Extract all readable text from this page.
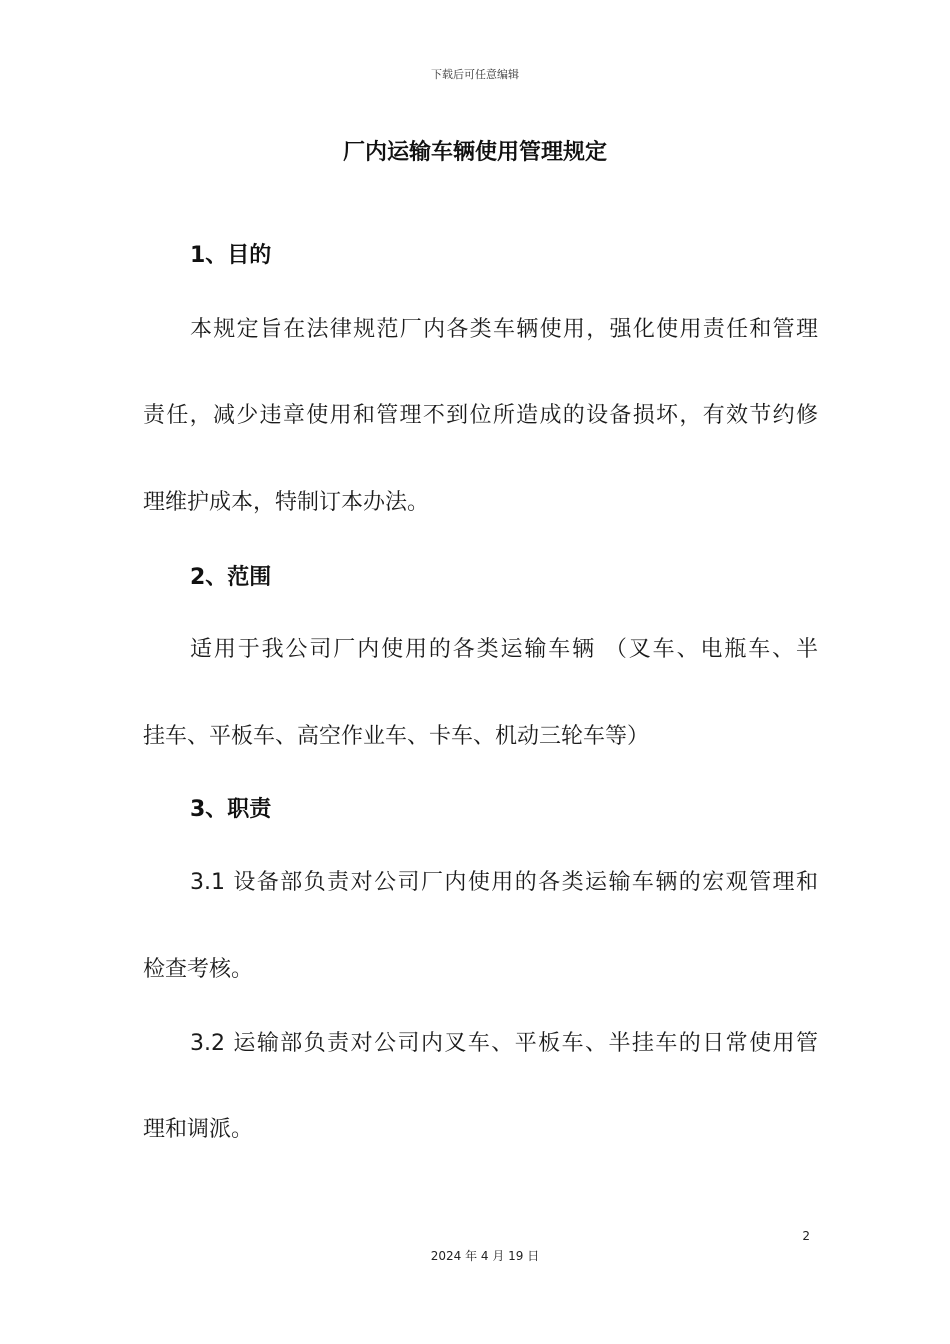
下载后可任意编辑
厂内运输车辆使用管理规定
1、目的
本规定旨在法律规范厂内各类车辆使用，强化使用责任和管理
责任，减少违章使用和管理不到位所造成的设备损坏，有效节约修
理维护成本，特制订本办法。
2、范围
适用于我公司厂内使用的各类运输车辆 （叉车、电瓶车、半
挂车、平板车、高空作业车、卡车、机动三轮车等）
3、职责
3.1 设备部负责对公司厂内使用的各类运输车辆的宏观管理和
检查考核。
3.2 运输部负责对公司内叉车、平板车、半挂车的日常使用管
理和调派。
2
2024 年 4 月 19 日
